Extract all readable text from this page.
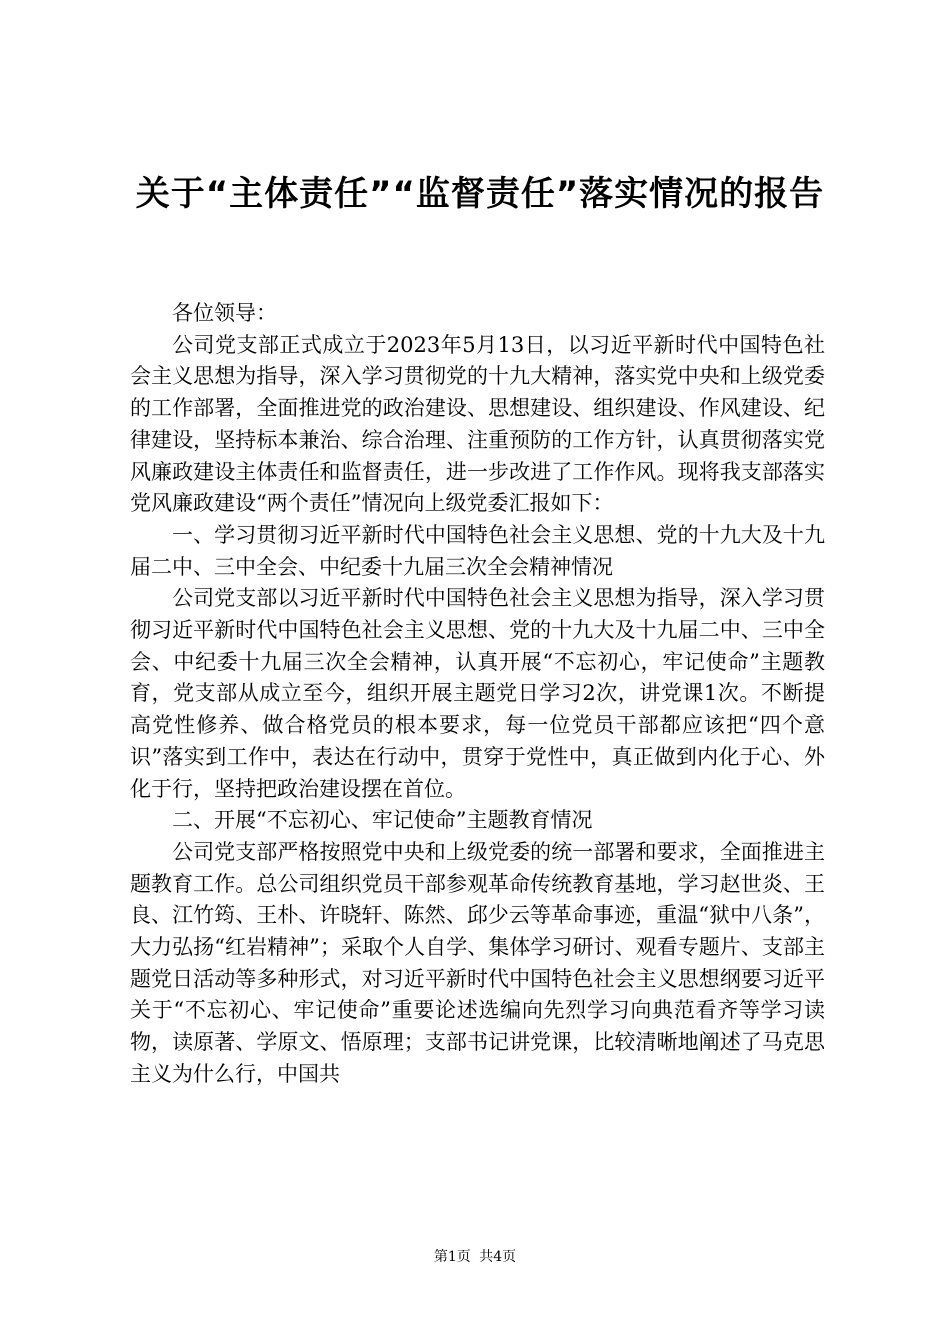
关于“主体责任”“监督责任”落实情况的报告

各位领导：

公司党支部正式成立于2023年5月13日，以习近平新时代中国特色社会主义思想为指导，深入学习贯彻党的十九大精神，落实党中央和上级党委的工作部署，全面推进党的政治建设、思想建设、组织建设、作风建设、纪律建设，坚持标本兼治、综合治理、注重预防的工作方针，认真贯彻落实党风廉政建设主体责任和监督责任，进一步改进了工作作风。现将我支部落实党风廉政建设“两个责任”情况向上级党委汇报如下：

一、学习贯彻习近平新时代中国特色社会主义思想、党的十九大及十九届二中、三中全会、中纪委十九届三次全会精神情况

公司党支部以习近平新时代中国特色社会主义思想为指导，深入学习贯彻习近平新时代中国特色社会主义思想、党的十九大及十九届二中、三中全会、中纪委十九届三次全会精神，认真开展“不忘初心，牢记使命”主题教育，党支部从成立至今，组织开展主题党日学习2次，讲党课1次。不断提高党性修养、做合格党员的根本要求，每一位党员干部都应该把“四个意识”落实到工作中，表达在行动中，贯穿于党性中，真正做到内化于心、外化于行，坚持把政治建设摆在首位。

二、开展“不忘初心、牢记使命”主题教育情况

公司党支部严格按照党中央和上级党委的统一部署和要求，全面推进主题教育工作。总公司组织党员干部参观革命传统教育基地，学习赵世炎、王良、江竹筠、王朴、许晓轩、陈然、邱少云等革命事迹，重温“狱中八条”，大力弘扬“红岩精神”；采取个人自学、集体学习研讨、观看专题片、支部主题党日活动等多种形式，对习近平新时代中国特色社会主义思想纲要习近平关于“不忘初心、牢记使命”重要论述选编向先烈学习向典范看齐等学习读物，读原著、学原文、悟原理；支部书记讲党课，比较清晰地阐述了马克思主义为什么行，中国共

第1页 共4页
